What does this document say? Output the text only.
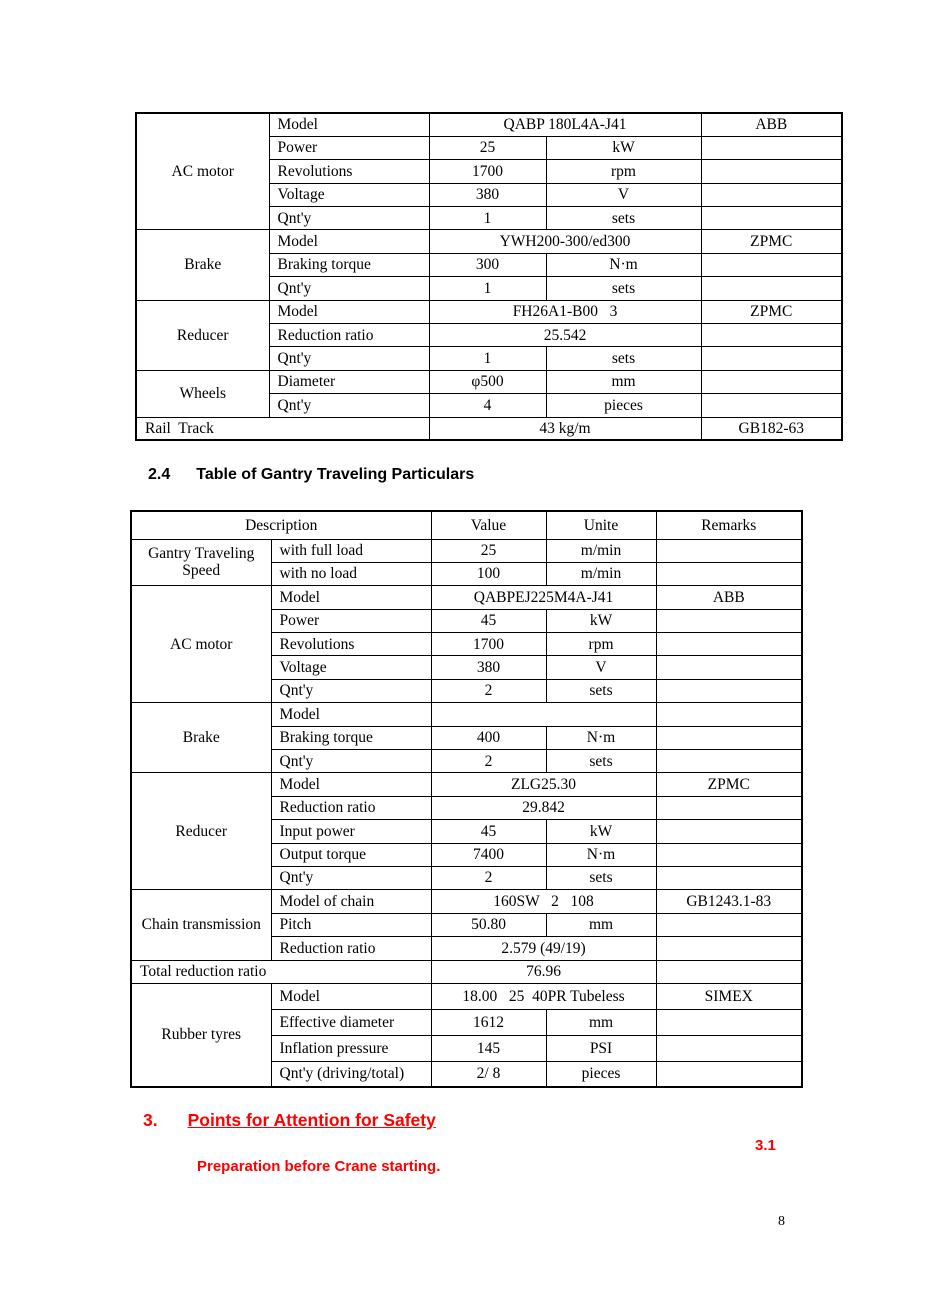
AC motor	Model	QABP 180L4A-J41		ABB
	Power	25	kW	
	Revolutions	1700	rpm	
	Voltage	380	V	
	Qnt'y	1	sets	
Brake	Model	YWH200-300/ed300		ZPMC
	Braking torque	300	N·m	
	Qnt'y	1	sets	
Reducer	Model	FH26A1-B00   3		ZPMC
	Reduction ratio	25.542		
	Qnt'y	1	sets	
Wheels	Diameter	φ500	mm	
	Qnt'y	4	pieces	
Rail  Track		43 kg/m		GB182-63
2.4 Table of Gantry Traveling Particulars
Description		Value	Unite	Remarks
Gantry Traveling Speed	with full load	25	m/min	
	with no load	100	m/min	
AC motor	Model	QABPEJ225M4A-J41		ABB
	Power	45	kW	
	Revolutions	1700	rpm	
	Voltage	380	V	
	Qnt'y	2	sets	
Brake	Model			
	Braking torque	400	N·m	
	Qnt'y	2	sets	
Reducer	Model	ZLG25.30		ZPMC
	Reduction ratio	29.842		
	Input power	45	kW	
	Output torque	7400	N·m	
	Qnt'y	2	sets	
Chain transmission	Model of chain	160SW   2   108		GB1243.1-83
	Pitch	50.80	mm	
	Reduction ratio	2.579 (49/19)		
Total reduction ratio		76.96		
Rubber tyres	Model	18.00   25  40PR Tubeless		SIMEX
	Effective diameter	1612	mm	
	Inflation pressure	145	PSI	
	Qnt'y (driving/total)	2/ 8	pieces	
3. Points for Attention for Safety
3.1
Preparation before Crane starting.
8
